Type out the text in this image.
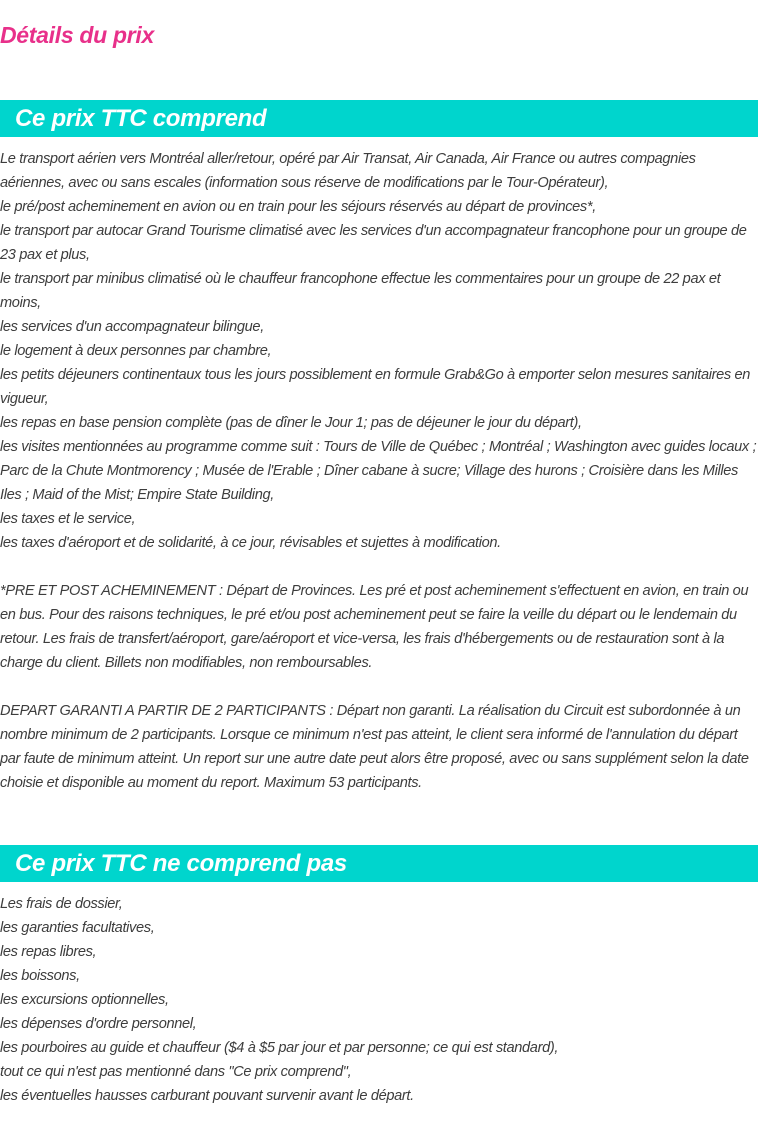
Détails du prix
Ce prix TTC comprend
Le transport aérien vers Montréal aller/retour, opéré par Air Transat, Air Canada, Air France ou autres compagnies aériennes, avec ou sans escales (information sous réserve de modifications par le Tour-Opérateur),
le pré/post acheminement en avion ou en train pour les séjours réservés au départ de provinces*,
le transport par autocar Grand Tourisme climatisé avec les services d'un accompagnateur francophone pour un groupe de 23 pax et plus,
le transport par minibus climatisé où le chauffeur francophone effectue les commentaires pour un groupe de 22 pax et moins,
les services d'un accompagnateur bilingue,
le logement à deux personnes par chambre,
les petits déjeuners continentaux tous les jours possiblement en formule Grab&Go à emporter selon mesures sanitaires en vigueur,
les repas en base pension complète (pas de dîner le Jour 1; pas de déjeuner le jour du départ),
les visites mentionnées au programme comme suit : Tours de Ville de Québec ; Montréal ; Washington avec guides locaux ; Parc de la Chute Montmorency ; Musée de l'Erable ; Dîner cabane à sucre; Village des hurons ; Croisière dans les Milles Iles ; Maid of the Mist; Empire State Building,
les taxes et le service,
les taxes d'aéroport et de solidarité, à ce jour, révisables et sujettes à modification.

*PRE ET POST ACHEMINEMENT : Départ de Provinces. Les pré et post acheminement s'effectuent en avion, en train ou en bus. Pour des raisons techniques, le pré et/ou post acheminement peut se faire la veille du départ ou le lendemain du retour. Les frais de transfert/aéroport, gare/aéroport et vice-versa, les frais d'hébergements ou de restauration sont à la charge du client. Billets non modifiables, non remboursables.

DEPART GARANTI A PARTIR DE 2 PARTICIPANTS : Départ non garanti. La réalisation du Circuit est subordonnée à un nombre minimum de 2 participants. Lorsque ce minimum n'est pas atteint, le client sera informé de l'annulation du départ par faute de minimum atteint. Un report sur une autre date peut alors être proposé, avec ou sans supplément selon la date choisie et disponible au moment du report. Maximum 53 participants.

Ce prix TTC ne comprend pas
Les frais de dossier,
les garanties facultatives,
les repas libres,
les boissons,
les excursions optionnelles,
les dépenses d'ordre personnel,
les pourboires au guide et chauffeur ($4 à $5 par jour et par personne; ce qui est standard),
tout ce qui n'est pas mentionné dans "Ce prix comprend",
les éventuelles hausses carburant pouvant survenir avant le départ.
